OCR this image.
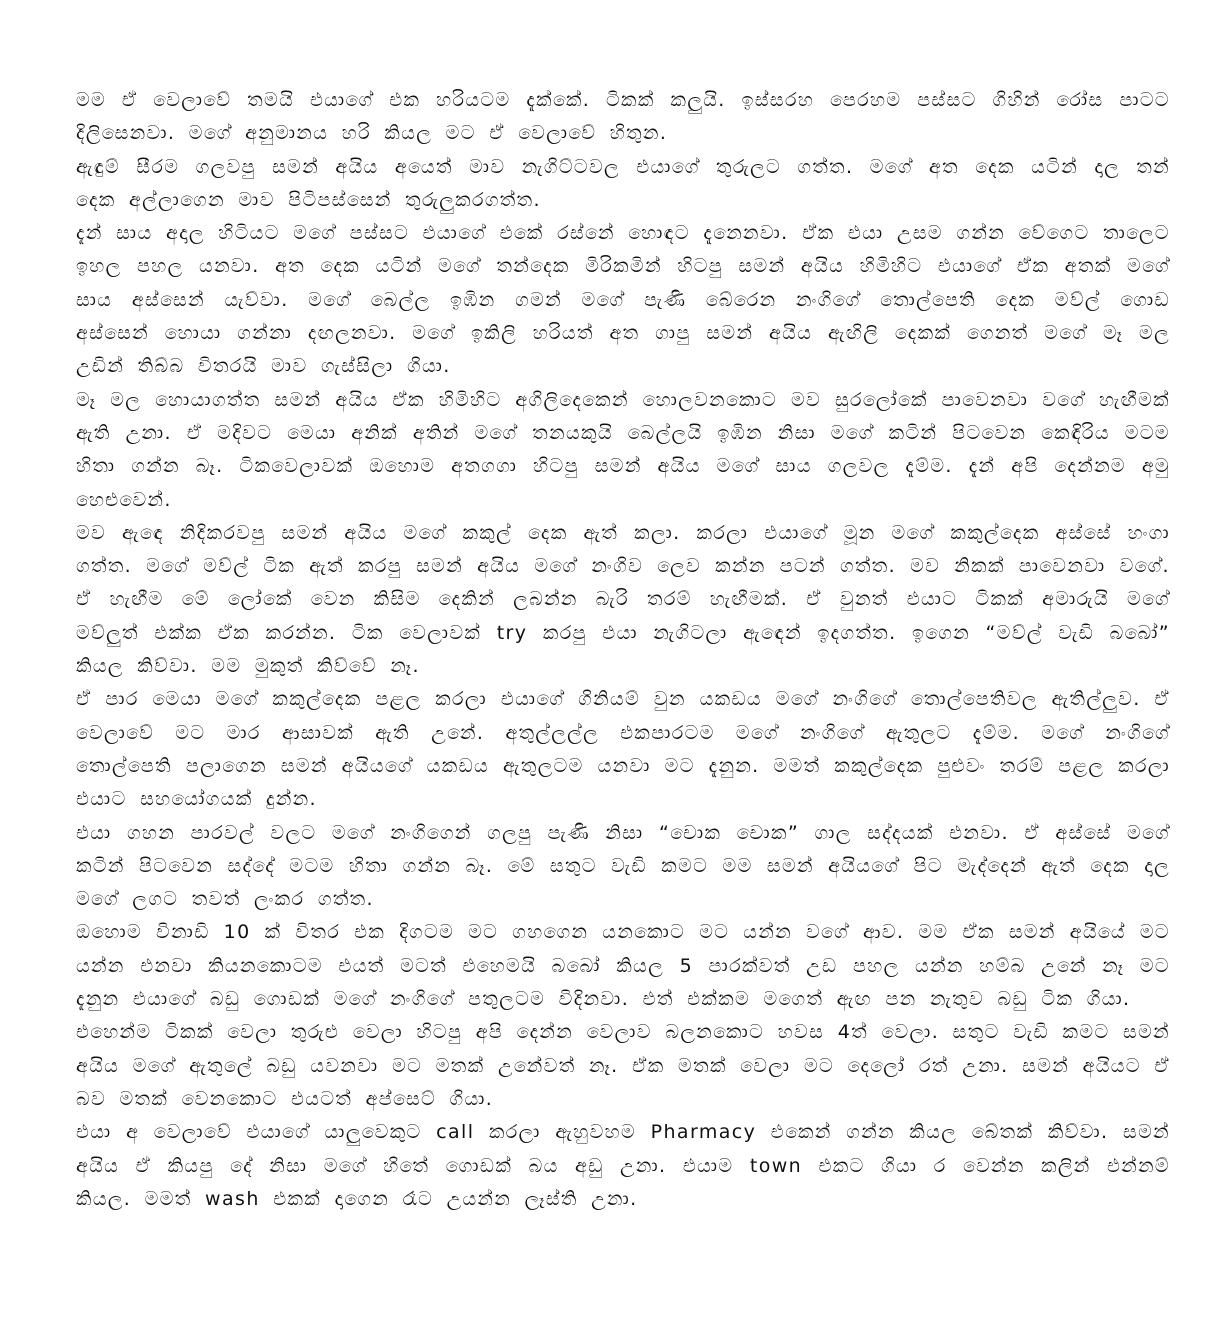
මම ඒ වෙලාවේ තමයි එයාගේ එක හරියටම දැක්කේ. ටිකක් කලුයි. ඉස්සරහ පෙරහම පස්සට ගිහින් රෝස පාටට දිලිසෙනවා. මගේ අනුමානය හරි කියල මට ඒ වෙලාවේ හිතුන.

ඇඳුම් සීරම ගලවපු සමන් අයිය අයෙත් මාව නැගිට්ටවල එයාගේ තුරුලට ගත්ත. මගේ අත දෙක යටින් දාල තන් දෙක අල්ලාගෙන මාව පිටිපස්සෙන් තුරුලුකරගත්ත.

දැන් සාය අදාල හිටියට මගේ පස්සට එයාගේ එකේ රස්නේ හොඳට දැනෙනවා. ඒක එයා උසම ගන්න වේගෙට තාලෙට ඉහල පහල යනවා. අත දෙක යටින් මගේ තන්දෙක මිරිකමින් හිටපු සමන් අයිය හිමිහිට එයාගේ ඒක අතක් මගේ සාය අස්සෙන් යැව්වා. මගේ බෙල්ල ඉඹින ගමන් මගේ පැණි බේරෙන නංගිගේ තොල්පෙති දෙක මව්ල් ගොඩ අස්සෙන් හොයා ගන්නා දඟලනවා. මගේ ඉකිලි හරියත් අත ගාපු සමන් අයිය ඇඟිලි දෙකක් ගෙනත් මගේ මෑ මල උඩින් තිබ්බ විතරයි මාව ගැස්සිලා ගියා.

මෑ මල හොයාගත්ත සමන් අයිය ඒක හිමිහිට අගිලිදෙකෙන් හොලවනකොට මව සුරලෝකේ පාවෙනවා වගේ හැඟීමක් ඇති උනා. ඒ මදිවට මෙයා අනික් අතින් මගේ තනයකුයි බෙල්ලයි ඉඹින නිසා මගේ කටින් පිටවෙන කෙඳිරිය මටම හිතා ගන්න බෑ. ටිකවෙලාවක් ඔහොම අතගගා හිටපු සමන් අයිය මගේ සාය ගලවල දැම්ම. දැන් අපි දෙන්නම අමු හෙළුවෙන්.

මව ඇඳෙ නිදිකරවපු සමන් අයිය මගේ කකුල් දෙක ඇත් කලා. කරලා එයාගේ මූන මගේ කකුල්දෙක අස්සේ හංගා ගත්ත. මගේ මව්ල් ටික ඇත් කරපු සමන් අයිය මගේ නංගිව ලෙව කන්න පටන් ගත්ත. මව නිකක් පාවෙනවා වගේ. ඒ හැඟීම මේ ලෝකේ වෙන කිසිම දෙකින් ලබන්න බැරි තරම් හැඟීමක්. ඒ වුනත් එයාට ටිකක් අමාරුයි මගේ මව්ලුත් එක්ක ඒක කරන්න. ටික වෙලාවක් try කරපු එයා නැගිටලා ඇඳෙන් ඉදගත්ත. ඉගෙන “මව්ල් වැඩි බබෝ” කියල කිව්වා. මම මුකුත් කිව්වේ නෑ.

ඒ පාර මෙයා මගේ කකුල්දෙක පළල කරලා එයාගේ ගිනියම් වුන යකඩය මගේ නංගිගේ තොල්පෙතිවල ඇතිල්ලුව. ඒ වෙලාවේ මට මාර ආසාවක් ඇති උනේ. අතුල්ලල්ල එකපාරටම මගේ නංගිගේ ඇතුලට දැම්ම. මගේ නංගිගේ තොල්පෙති පලාගෙන සමන් අයියගේ යකඩය ඇතුලටම යනවා මට දැනුන. මමත් කකුල්දෙක පුළුවං තරම් පළල කරලා එයාට සහයෝගයක් දුන්න.

එයා ගහන පාරවල් වලට මගේ නංගිගෙන් ගලපු පැණි නිසා “චොක චොක” ගාල සද්දයක් එනවා. ඒ අස්සේ මගේ කටින් පිටවෙන සද්දේ මටම හිතා ගන්න බෑ. මේ සතුට වැඩි කමට මම සමන් අයියගේ පිට මැද්දෙන් ඇත් දෙක දාල මගේ ලගට තවත් ලංකර ගත්ත.

ඔහොම විනාඩි 10 ක් විතර එක දිගටම මට ගහගෙන යනකොට මට යන්න වගේ ආව. මම ඒක සමන් අයියේ මට යන්න එනවා කියනකොටම එයත් මටත් එහෙමයි බබෝ කියල 5 පාරක්වත් උඩ පහල යන්න හම්බ උනේ නෑ මට දැනුන එයාගේ බඩු ගොඩක් මගේ නංගිගේ පතුලටම විදිනවා. එත් එක්කම මගෙත් ඇඟ පන නැතුව බඩු ටික ගියා.

එහෙන්ම ටිකක් වෙලා තුරුළු වෙලා හිටපු අපි දෙන්න වෙලාව බලනකොට හවස 4ත් වෙලා. සතුට වැඩි කමට සමන් අයිය මගේ ඇතුලේ බඩු යවනවා මට මතක් උනේවත් නෑ. ඒක මතක් වෙලා මට දෙලෝ රත් උනා. සමන් අයියට ඒ බව මතක් වෙනකොට එයටත් අප්සෙට් ගියා.

එයා අ වෙලාවේ එයාගේ යාලුවෙකුට call කරලා ඇහුවහම Pharmacy එකෙන් ගන්න කියල බේතක් කිව්වා. සමන් අයිය ඒ කියපු දේ නිසා මගේ හිතේ ගොඩක් බය අඩු උනා. එයාම town එකට ගියා ර වෙන්න කලින් එන්නම් කියල. මමත් wash එකක් දාගෙන රෑට උයන්න ලෑස්ති උනා.
